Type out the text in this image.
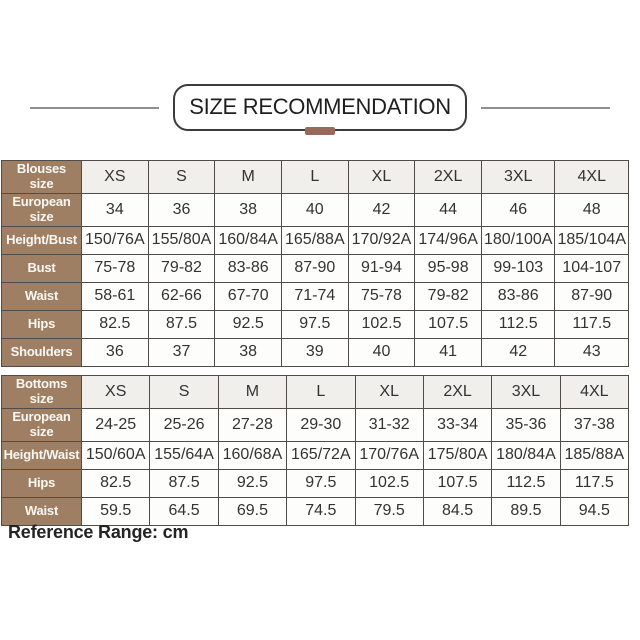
SIZE RECOMMENDATION
Blouses size	XS	S	M	L	XL	2XL	3XL	4XL
European size	34	36	38	40	42	44	46	48
Height/Bust 150/76A 155/80A 160/84A 165/88A 170/92A 174/96A 180/100A 185/104A
Bust	75-78	79-82	83-86	87-90	91-94	95-98	99-103	104-107
Waist	58-61	62-66	67-70	71-74	75-78	79-82	83-86	87-90
Hips	82.5	87.5	92.5	97.5	102.5	107.5	112.5	117.5
Shoulders	36	37	38	39	40	41	42	43
Bottoms size	XS	S	M	L	XL	2XL	3XL	4XL
European size	24-25	25-26	27-28	29-30	31-32	33-34	35-36	37-38
Height/Waist 150/60A 155/64A 160/68A 165/72A 170/76A 175/80A 180/84A 185/88A
Hips	82.5	87.5	92.5	97.5	102.5	107.5	112.5	117.5
Waist	59.5	64.5	69.5	74.5	79.5	84.5	89.5	94.5
Reference Range: cm
